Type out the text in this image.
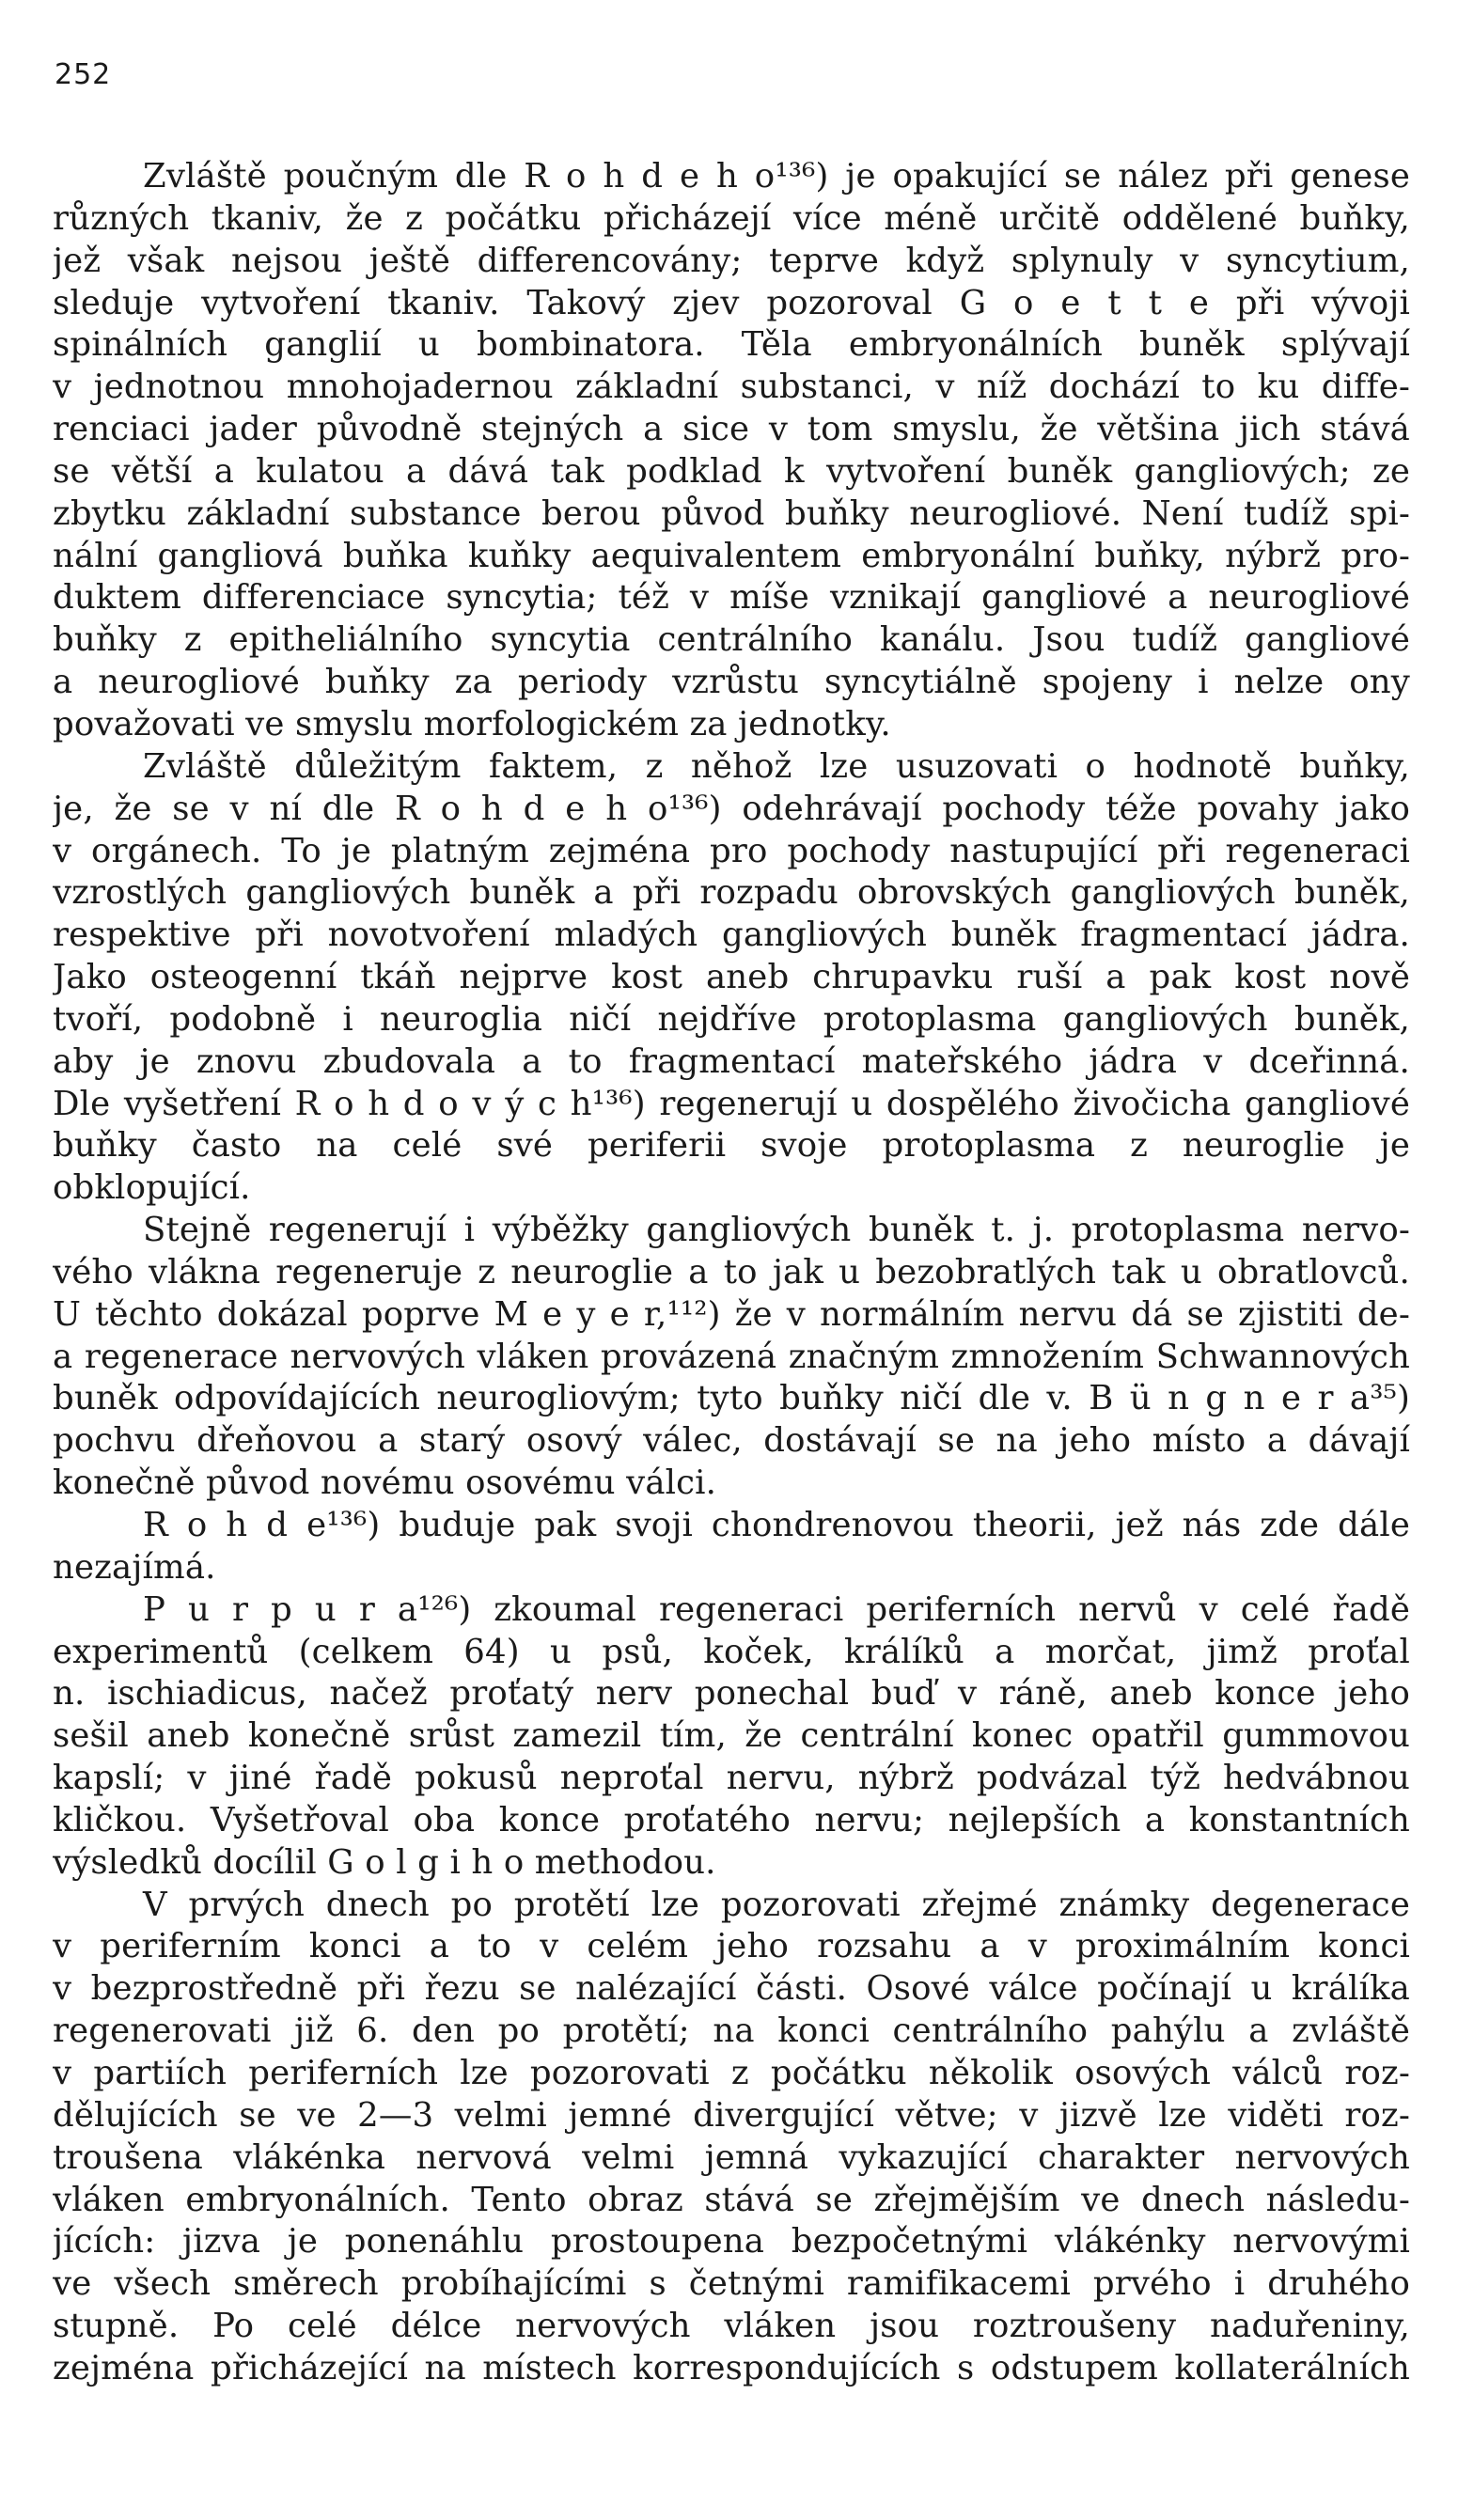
252
Zvláště poučným dle R o h d e h o¹³⁶) je opakující se nález při genese
různých tkaniv, že z počátku přicházejí více méně určitě oddělené buňky,
jež však nejsou ještě differencovány; teprve když splynuly v syncytium,
sleduje vytvoření tkaniv. Takový zjev pozoroval G o e t t e při vývoji
spinálních ganglií u bombinatora. Těla embryonálních buněk splývají
v jednotnou mnohojadernou základní substanci, v níž dochází to ku diffe-
renciaci jader původně stejných a sice v tom smyslu, že většina jich stává
se větší a kulatou a dává tak podklad k vytvoření buněk gangliových; ze
zbytku základní substance berou původ buňky neurogliové. Není tudíž spi-
nální gangliová buňka kuňky aequivalentem embryonální buňky, nýbrž pro-
duktem differenciace syncytia; též v míše vznikají gangliové a neurogliové
buňky z epitheliálního syncytia centrálního kanálu. Jsou tudíž gangliové
a neurogliové buňky za periody vzrůstu syncytiálně spojeny i nelze ony
považovati ve smyslu morfologickém za jednotky.
Zvláště důležitým faktem, z něhož lze usuzovati o hodnotě buňky,
je, že se v ní dle R o h d e h o¹³⁶) odehrávají pochody téže povahy jako
v orgánech. To je platným zejména pro pochody nastupující při regeneraci
vzrostlých gangliových buněk a při rozpadu obrovských gangliových buněk,
respektive při novotvoření mladých gangliových buněk fragmentací jádra.
Jako osteogenní tkáň nejprve kost aneb chrupavku ruší a pak kost nově
tvoří, podobně i neuroglia ničí nejdříve protoplasma gangliových buněk,
aby je znovu zbudovala a to fragmentací mateřského jádra v dceřinná.
Dle vyšetření R o h d o v ý c h¹³⁶) regenerují u dospělého živočicha gangliové
buňky často na celé své periferii svoje protoplasma z neuroglie je
obklopující.
Stejně regenerují i výběžky gangliových buněk t. j. protoplasma nervo-
vého vlákna regeneruje z neuroglie a to jak u bezobratlých tak u obratlovců.
U těchto dokázal poprve M e y e r,¹¹²) že v normálním nervu dá se zjistiti de-
a regenerace nervových vláken provázená značným zmnožením Schwannových
buněk odpovídajících neurogliovým; tyto buňky ničí dle v. B ü n g n e r a³⁵)
pochvu dřeňovou a starý osový válec, dostávají se na jeho místo a dávají
konečně původ novému osovému válci.
R o h d e¹³⁶) buduje pak svoji chondrenovou theorii, jež nás zde dále
nezajímá.
P u r p u r a¹²⁶) zkoumal regeneraci periferních nervů v celé řadě
experimentů (celkem 64) u psů, koček, králíků a morčat, jimž proťal
n. ischiadicus, načež proťatý nerv ponechal buď v ráně, aneb konce jeho
sešil aneb konečně srůst zamezil tím, že centrální konec opatřil gummovou
kapslí; v jiné řadě pokusů neproťal nervu, nýbrž podvázal týž hedvábnou
kličkou. Vyšetřoval oba konce proťatého nervu; nejlepších a konstantních
výsledků docílil G o l g i h o methodou.
V prvých dnech po protětí lze pozorovati zřejmé známky degenerace
v periferním konci a to v celém jeho rozsahu a v proximálním konci
v bezprostředně při řezu se nalézající části. Osové válce počínají u králíka
regenerovati již 6. den po protětí; na konci centrálního pahýlu a zvláště
v partiích periferních lze pozorovati z počátku několik osových válců roz-
dělujících se ve 2—3 velmi jemné divergující větve; v jizvě lze viděti roz-
troušena vlákénka nervová velmi jemná vykazující charakter nervových
vláken embryonálních. Tento obraz stává se zřejmějším ve dnech následu-
jících: jizva je ponenáhlu prostoupena bezpočetnými vlákénky nervovými
ve všech směrech probíhajícími s četnými ramifikacemi prvého i druhého
stupně. Po celé délce nervových vláken jsou roztroušeny naduřeniny,
zejména přicházející na místech korrespondujících s odstupem kollaterálních
